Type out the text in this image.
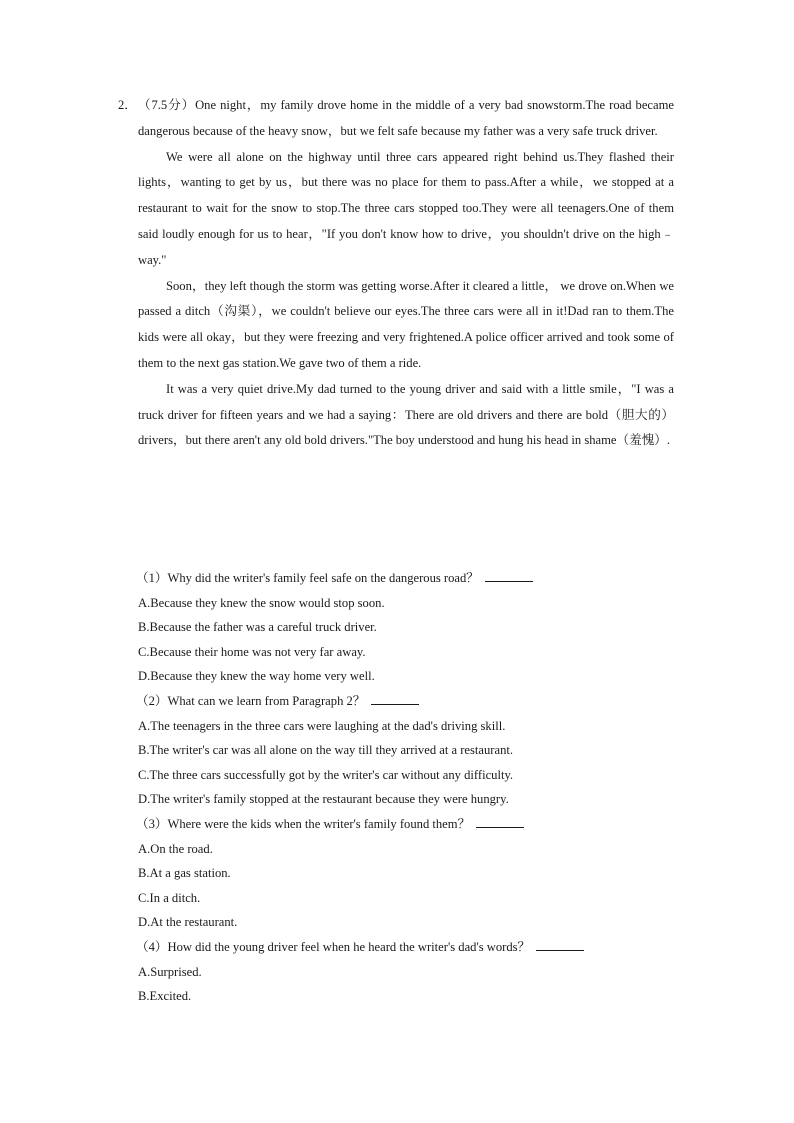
2． （7.5分）One night，my family drove home in the middle of a very bad snowstorm.The road became dangerous because of the heavy snow，but we felt safe because my father was a very safe truck driver.

We were all alone on the highway until three cars appeared right behind us.They flashed their lights，wanting to get by us，but there was no place for them to pass.After a while，we stopped at a restaurant to wait for the snow to stop.The three cars stopped too.They were all teenagers.One of them said loudly enough for us to hear，"If you don't know how to drive，you shouldn't drive on the high﹣way."

Soon，they left though the storm was getting worse.After it cleared a little， we drove on.When we passed a ditch（沟渠），we couldn't believe our eyes.The three cars were all in it!Dad ran to them.The kids were all okay，but they were freezing and very frightened.A police officer arrived and took some of them to the next gas station.We gave two of them a ride.

It was a very quiet drive.My dad turned to the young driver and said with a little smile，"I was a truck driver for fifteen years and we had a saying：There are old drivers and there are bold（胆大的） drivers，but there aren't any old bold drivers."The boy understood and hung his head in shame（羞愧）.

（1）Why did the writer's family feel safe on the dangerous road？

A.Because they knew the snow would stop soon.

B.Because the father was a careful truck driver.

C.Because their home was not very far away.

D.Because they knew the way home very well.

（2）What can we learn from Paragraph 2？

A.The teenagers in the three cars were laughing at the dad's driving skill.

B.The writer's car was all alone on the way till they arrived at a restaurant.

C.The three cars successfully got by the writer's car without any difficulty.

D.The writer's family stopped at the restaurant because they were hungry.

（3）Where were the kids when the writer's family found them？

A.On the road.

B.At a gas station.

C.In a ditch.

D.At the restaurant.

（4）How did the young driver feel when he heard the writer's dad's words？

A.Surprised.

B.Excited.
